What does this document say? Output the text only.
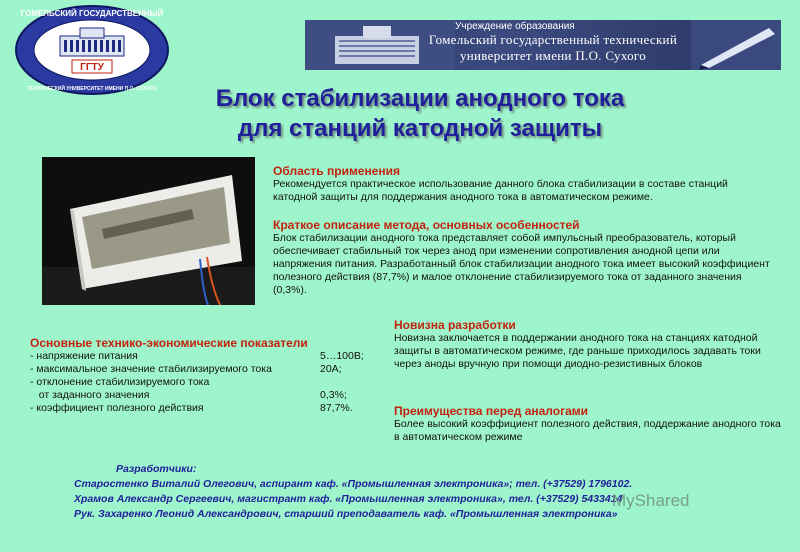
ГОМЕЛЬСКИЙ ГОСУДАРСТВЕННЫЙ
ТЕХНИЧЕСКИЙ УНИВЕРСИТЕТ ИМЕНИ П.О. СУХОГО
ГГТУ
Учреждение образования
Гомельский государственный технический
университет имени П.О. Сухого
Блок стабилизации анодного тока
для станций катодной защиты
Область применения
Рекомендуется практическое использование данного блока стабилизации в составе станций катодной защиты для поддержания анодного тока в автоматическом режиме.
Краткое описание метода, основных особенностей
Блок стабилизации анодного тока представляет собой импульсный преобразователь, который обеспечивает стабильный ток через анод при изменении сопротивления анодной цепи или напряжения питания. Разработанный блок стабилизации анодного тока имеет высокий коэффициент полезного действия (87,7%) и малое отклонение стабилизируемого тока от заданного значения (0,3%).
Основные технико-экономические показатели
- напряжение питания	5…100В;
- максимальное значение стабилизируемого тока	20А;
- отклонение стабилизируемого тока
от заданного значения	0,3%;
- коэффициент полезного действия	87,7%.
Новизна разработки
Новизна заключается в поддержании анодного тока на станциях катодной защиты в автоматическом режиме, где раньше приходилось задавать токи через аноды вручную при помощи диодно-резистивных блоков
Преимущества перед аналогами
Более высокий коэффициент полезного действия, поддержание анодного тока в автоматическом режиме
Разработчики:
Старостенко Виталий Олегович, аспирант каф. «Промышленная электроника»; тел. (+37529) 1796102.
Храмов Александр Сергеевич, магистрант каф. «Промышленная электроника», тел. (+37529) 5433414
Рук. Захаренко Леонид Александрович, старший преподаватель каф. «Промышленная электроника»
MyShared
